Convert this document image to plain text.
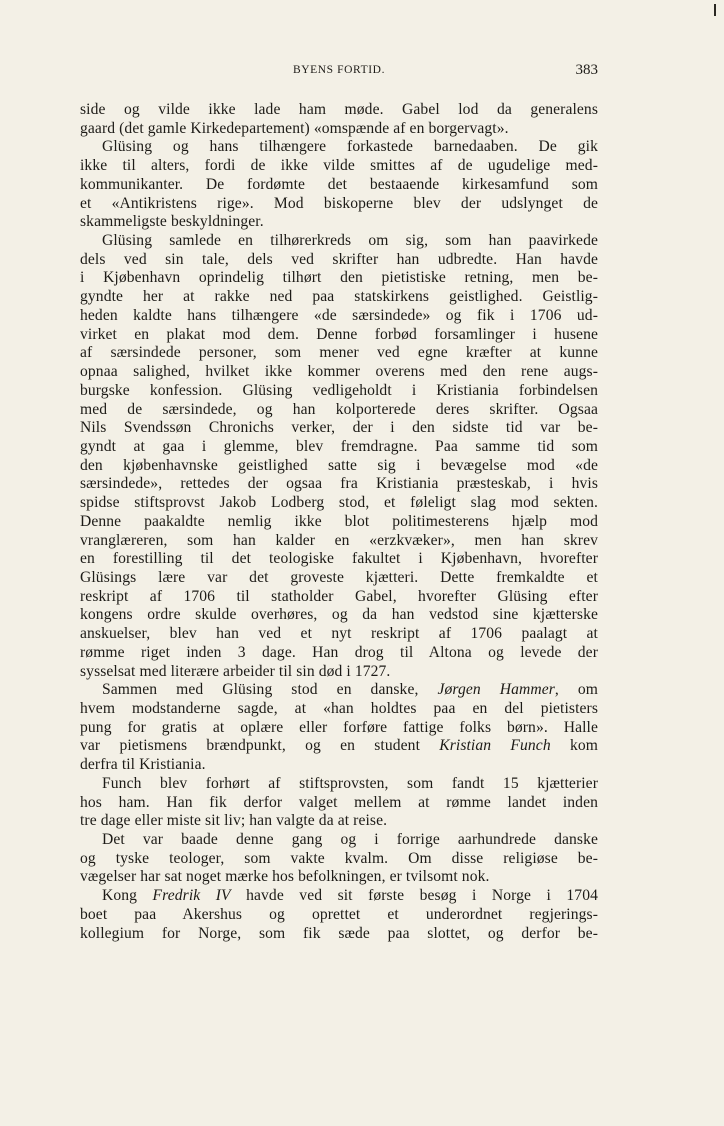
BYENS FORTID.	383
side og vilde ikke lade ham møde. Gabel lod da generalens
gaard (det gamle Kirkedepartement) «omspænde af en borgervagt».
Glüsing og hans tilhængere forkastede barnedaaben. De gik
ikke til alters, fordi de ikke vilde smittes af de ugudelige med-
kommunikanter. De fordømte det bestaaende kirkesamfund som
et «Antikristens rige». Mod biskoperne blev der udslynget de
skammeligste beskyldninger.
Glüsing samlede en tilhørerkreds om sig, som han paavirkede
dels ved sin tale, dels ved skrifter han udbredte. Han havde
i Kjøbenhavn oprindelig tilhørt den pietistiske retning, men be-
gyndte her at rakke ned paa statskirkens geistlighed. Geistlig-
heden kaldte hans tilhængere «de særsindede» og fik i 1706 ud-
virket en plakat mod dem. Denne forbød forsamlinger i husene
af særsindede personer, som mener ved egne kræfter at kunne
opnaa salighed, hvilket ikke kommer overens med den rene augs-
burgske konfession. Glüsing vedligeholdt i Kristiania forbindelsen
med de særsindede, og han kolporterede deres skrifter. Ogsaa
Nils Svendssøn Chronichs verker, der i den sidste tid var be-
gyndt at gaa i glemme, blev fremdragne. Paa samme tid som
den kjøbenhavnske geistlighed satte sig i bevægelse mod «de
særsindede», rettedes der ogsaa fra Kristiania præsteskab, i hvis
spidse stiftsprovst Jakob Lodberg stod, et føleligt slag mod sekten.
Denne paakaldte nemlig ikke blot politimesterens hjælp mod
vranglæreren, som han kalder en «erzkvæker», men han skrev
en forestilling til det teologiske fakultet i Kjøbenhavn, hvorefter
Glüsings lære var det groveste kjætteri. Dette fremkaldte et
reskript af 1706 til statholder Gabel, hvorefter Glüsing efter
kongens ordre skulde overhøres, og da han vedstod sine kjætterske
anskuelser, blev han ved et nyt reskript af 1706 paalagt at
rømme riget inden 3 dage. Han drog til Altona og levede der
sysselsat med literære arbeider til sin død i 1727.
Sammen med Glüsing stod en danske, Jørgen Hammer, om
hvem modstanderne sagde, at «han holdtes paa en del pietisters
pung for gratis at oplære eller forføre fattige folks børn». Halle
var pietismens brændpunkt, og en student Kristian Funch kom
derfra til Kristiania.
Funch blev forhørt af stiftsprovsten, som fandt 15 kjætterier
hos ham. Han fik derfor valget mellem at rømme landet inden
tre dage eller miste sit liv; han valgte da at reise.
Det var baade denne gang og i forrige aarhundrede danske
og tyske teologer, som vakte kvalm. Om disse religiøse be-
vægelser har sat noget mærke hos befolkningen, er tvilsomt nok.
Kong Fredrik IV havde ved sit første besøg i Norge i 1704
boet paa Akershus og oprettet et underordnet regjerings-
kollegium for Norge, som fik sæde paa slottet, og derfor be-
